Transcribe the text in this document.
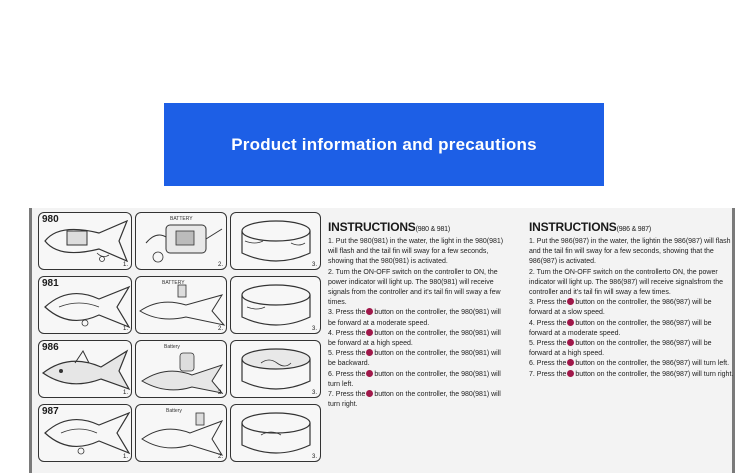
Product information and precautions
980
1.
BATTERY
2.	3.
981
1.
BATTERY
2.	3.
986
1.
Battery
2.	3.
987
1.
Battery
2.	3.
INSTRUCTIONS(980 & 981)

1. Put the 980(981) in the water, the light in the 980(981) will flash and the tail fin will sway for a few seconds, showing that the 980(981) is activated.

2. Turn the ON-OFF switch on the controller to ON, the power indicator will light up. The 980(981) will receive signals from the controller and it's tail fin will sway a few times.

3. Press the button on the controller, the 980(981) will be forward at a moderate speed.

4. Press the button on the controller, the 980(981) will be forward at a high speed.

5. Press the button on the controller, the 980(981) will be backward.

6. Press the button on the controller, the 980(981) will turn left.

7. Press the button on the controller, the 980(981) will turn right.

INSTRUCTIONS(986 & 987)

1. Put the 986(987) in the water, the lightin the 986(987) will flash and the tail fin will sway for a few seconds, showing that the 986(987) is activated.

2. Turn the ON-OFF switch on the controllerto ON, the power indicator will light up. The 986(987) will receive signalsfrom the controller and it's tail fin will sway a few times.

3. Press the button on the controller, the 986(987) will be forward at a slow speed.

4. Press the button on the controller, the 986(987) will be forward at a moderate speed.

5. Press the button on the controller, the 986(987) will be forward at a high speed.

6. Press the button on the controller, the 986(987) will turn left.

7. Press the button on the controller, the 986(987) will turn right.
